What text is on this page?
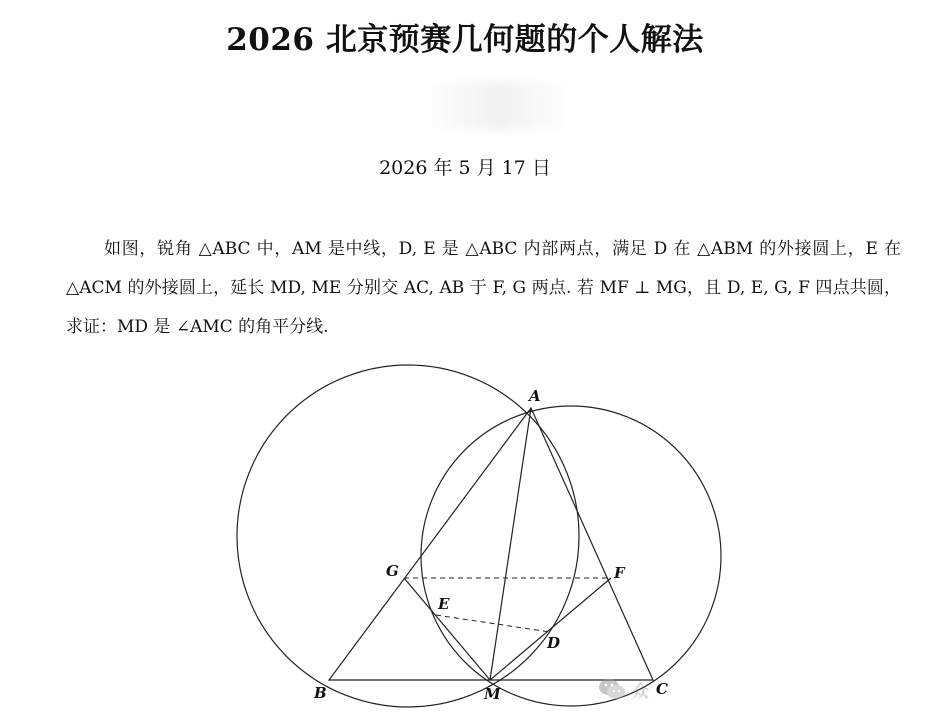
2026 北京预赛几何题的个人解法
2026 年 5 月 17 日
如图，锐角 △ABC 中，AM 是中线，D, E 是 △ABC 内部两点，满足 D 在 △ABM 的外接圆上，E 在 △ACM 的外接圆上，延长 MD, ME 分别交 AC, AB 于 F, G 两点. 若 MF ⊥ MG，且 D, E, G, F 四点共圆，求证：MD 是 ∠AMC 的角平分线.
A
B	C
M
D
E
F
G
众
